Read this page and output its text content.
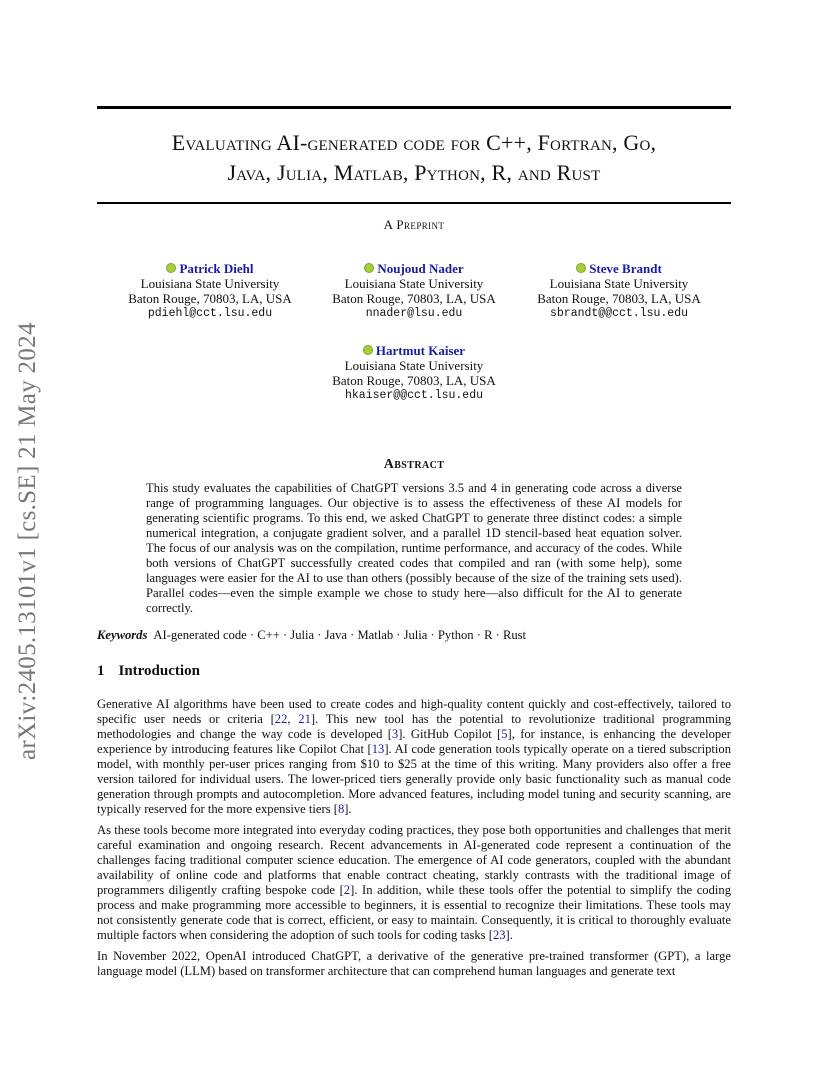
arXiv:2405.13101v1 [cs.SE] 21 May 2024
Evaluating AI-generated code for C++, Fortran, Go,
Java, Julia, Matlab, Python, R, and Rust
A Preprint
Patrick Diehl
Louisiana State University
Baton Rouge, 70803, LA, USA
pdiehl@cct.lsu.edu
Noujoud Nader
Louisiana State University
Baton Rouge, 70803, LA, USA
nnader@lsu.edu
Steve Brandt
Louisiana State University
Baton Rouge, 70803, LA, USA
sbrandt@@cct.lsu.edu
Hartmut Kaiser
Louisiana State University
Baton Rouge, 70803, LA, USA
hkaiser@@cct.lsu.edu
Abstract
This study evaluates the capabilities of ChatGPT versions 3.5 and 4 in generating code across a diverse range of programming languages. Our objective is to assess the effectiveness of these AI models for generating scientific programs. To this end, we asked ChatGPT to generate three distinct codes: a simple numerical integration, a conjugate gradient solver, and a parallel 1D stencil-based heat equation solver. The focus of our analysis was on the compilation, runtime performance, and accuracy of the codes. While both versions of ChatGPT successfully created codes that compiled and ran (with some help), some languages were easier for the AI to use than others (possibly because of the size of the training sets used). Parallel codes—even the simple example we chose to study here—also difficult for the AI to generate correctly.
Keywords AI-generated code · C++ · Julia · Java · Matlab · Julia · Python · R · Rust
1 Introduction
Generative AI algorithms have been used to create codes and high-quality content quickly and cost-effectively, tailored to specific user needs or criteria [22, 21]. This new tool has the potential to revolutionize traditional programming methodologies and change the way code is developed [3]. GitHub Copilot [5], for instance, is enhancing the developer experience by introducing features like Copilot Chat [13]. AI code generation tools typically operate on a tiered subscription model, with monthly per-user prices ranging from $10 to $25 at the time of this writing. Many providers also offer a free version tailored for individual users. The lower-priced tiers generally provide only basic functionality such as manual code generation through prompts and autocompletion. More advanced features, including model tuning and security scanning, are typically reserved for the more expensive tiers [8].
As these tools become more integrated into everyday coding practices, they pose both opportunities and challenges that merit careful examination and ongoing research. Recent advancements in AI-generated code represent a continuation of the challenges facing traditional computer science education. The emergence of AI code generators, coupled with the abundant availability of online code and platforms that enable contract cheating, starkly contrasts with the traditional image of programmers diligently crafting bespoke code [2]. In addition, while these tools offer the potential to simplify the coding process and make programming more accessible to beginners, it is essential to recognize their limitations. These tools may not consistently generate code that is correct, efficient, or easy to maintain. Consequently, it is critical to thoroughly evaluate multiple factors when considering the adoption of such tools for coding tasks [23].
In November 2022, OpenAI introduced ChatGPT, a derivative of the generative pre-trained transformer (GPT), a large language model (LLM) based on transformer architecture that can comprehend human languages and generate text
